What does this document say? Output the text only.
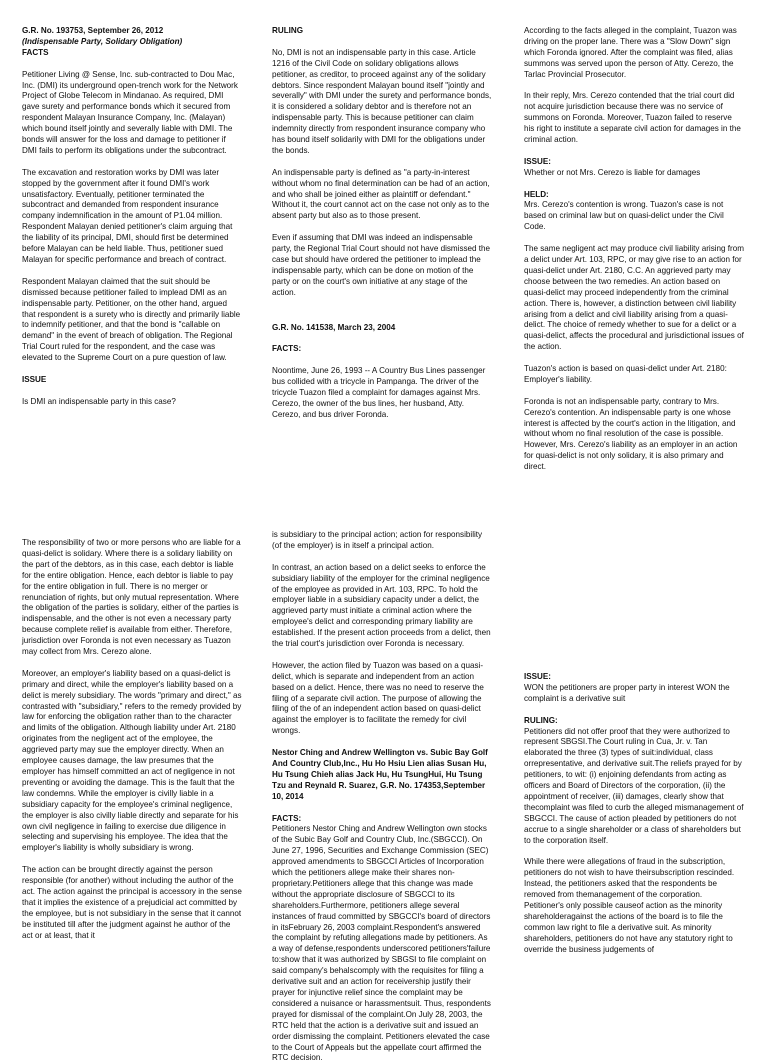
G.R. No. 193753, September 26, 2012

(Indispensable Party, Solidary Obligation)

FACTS

Petitioner Living @ Sense, Inc. sub-contracted to Dou Mac, Inc. (DMI) its underground open-trench work for the Network Project of Globe Telecom in Mindanao. As required, DMI gave surety and performance bonds which it secured from respondent Malayan Insurance Company, Inc. (Malayan) which bound itself jointly and severally liable with DMI. The bonds will answer for the loss and damage to petitioner if DMI fails to perform its obligations under the subcontract.

The excavation and restoration works by DMI was later stopped by the government after it found DMI's work unsatisfactory. Eventually, petitioner terminated the subcontract and demanded from respondent insurance company indemnification in the amount of P1.04 million. Respondent Malayan denied petitioner's claim arguing that the liability of its principal, DMI, should first be determined before Malayan can be held liable. Thus, petitioner sued Malayan for specific performance and breach of contract.

Respondent Malayan claimed that the suit should be dismissed because petitioner failed to implead DMI as an indispensable party. Petitioner, on the other hand, argued that respondent is a surety who is directly and primarily liable to indemnify petitioner, and that the bond is "callable on demand" in the event of breach of obligation. The Regional Trial Court ruled for the respondent, and the case was elevated to the Supreme Court on a pure question of law.

ISSUE

Is DMI an indispensable party in this case?

RULING

No, DMI is not an indispensable party in this case. Article 1216 of the Civil Code on solidary obligations allows petitioner, as creditor, to proceed against any of the solidary debtors. Since respondent Malayan bound itself "jointly and severally" with DMI under the surety and performance bonds, it is considered a solidary debtor and is therefore not an indispensable party. This is because petitioner can claim indemnity directly from respondent insurance company who has bound itself solidarily with DMI for the obligations under the bonds.

An indispensable party is defined as "a party-in-interest without whom no final determination can be had of an action, and who shall be joined either as plaintiff or defendant." Without it, the court cannot act on the case not only as to the absent party but also as to those present.

Even if assuming that DMI was indeed an indispensable party, the Regional Trial Court should not have dismissed the case but should have ordered the petitioner to implead the indispensable party, which can be done on motion of the party or on the court's own initiative at any stage of the action.

G.R. No. 141538, March 23, 2004

FACTS:

Noontime, June 26, 1993 -- A Country Bus Lines passenger bus collided with a tricycle in Pampanga. The driver of the tricycle Tuazon filed a complaint for damages against Mrs. Cerezo, the owner of the bus lines, her husband, Atty. Cerezo, and bus driver Foronda.

According to the facts alleged in the complaint, Tuazon was driving on the proper lane. There was a "Slow Down" sign which Foronda ignored. After the complaint was filed, alias summons was served upon the person of Atty. Cerezo, the Tarlac Provincial Prosecutor.

In their reply, Mrs. Cerezo contended that the trial court did not acquire jurisdiction because there was no service of summons on Foronda. Moreover, Tuazon failed to reserve his right to institute a separate civil action for damages in the criminal action.

ISSUE:

Whether or not Mrs. Cerezo is liable for damages

HELD:

Mrs. Cerezo's contention is wrong. Tuazon's case is not based on criminal law but on quasi-delict under the Civil Code.

The same negligent act may produce civil liability arising from a delict under Art. 103, RPC, or may give rise to an action for quasi-delict under Art. 2180, C.C. An aggrieved party may choose between the two remedies. An action based on quasi-delict may proceed independently from the criminal action. There is, however, a distinction between civil liability arising from a delict and civil liability arising from a quasi-delict. The choice of remedy whether to sue for a delict or a quasi-delict, affects the procedural and jurisdictional issues of the action.

Tuazon's action is based on quasi-delict under Art. 2180: Employer's liability.

Foronda is not an indispensable party, contrary to Mrs. Cerezo's contention. An indispensable party is one whose interest is affected by the court's action in the litigation, and without whom no final resolution of the case is possible. However, Mrs. Cerezo's liability as an employer in an action for quasi-delict is not only solidary, it is also primary and direct.

The responsibility of two or more persons who are liable for a quasi-delict is solidary. Where there is a solidary liability on the part of the debtors, as in this case, each debtor is liable for the entire obligation. Hence, each debtor is liable to pay for the entire obligation in full. There is no merger or renunciation of rights, but only mutual representation. Where the obligation of the parties is solidary, either of the parties is indispensable, and the other is not even a necessary party because complete relief is available from either. Therefore, jurisdiction over Foronda is not even necessary as Tuazon may collect from Mrs. Cerezo alone.

Moreover, an employer's liability based on a quasi-delict is primary and direct, while the employer's liability based on a delict is merely subsidiary. The words "primary and direct," as contrasted with "subsidiary," refers to the remedy provided by law for enforcing the obligation rather than to the character and limits of the obligation. Although liability under Art. 2180 originates from the negligent act of the employee, the aggrieved party may sue the employer directly. When an employee causes damage, the law presumes that the employer has himself committed an act of negligence in not preventing or avoiding the damage. This is the fault that the law condemns. While the employer is civilly liable in a subsidiary capacity for the employee's criminal negligence, the employer is also civilly liable directly and separate for his own civil negligence in failing to exercise due diligence in selecting and supervising his employee. The idea that the employer's liability is wholly subsidiary is wrong.

The action can be brought directly against the person responsible (for another) without including the author of the act. The action against the principal is accessory in the sense that it implies the existence of a prejudicial act committed by the employee, but is not subsidiary in the sense that it cannot be instituted till after the judgment against he author of the act or at least, that it

is subsidiary to the principal action; action for responsibility (of the employer) is in itself a principal action.

In contrast, an action based on a delict seeks to enforce the subsidiary liability of the employer for the criminal negligence of the employee as provided in Art. 103, RPC. To hold the employer liable in a subsidiary capacity under a delict, the aggrieved party must initiate a criminal action where the employee's delict and corresponding primary liability are established. If the present action proceeds from a delict, then the trial court's jurisdiction over Foronda is necessary.

However, the action filed by Tuazon was based on a quasi-delict, which is separate and independent from an action based on a delict. Hence, there was no need to reserve the filing of a separate civil action. The purpose of allowing the filing of the of an independent action based on quasi-delict against the employer is to facilitate the remedy for civil wrongs.

Nestor Ching and Andrew Wellington vs. Subic Bay Golf And Country Club,Inc., Hu Ho Hsiu Lien alias Susan Hu, Hu Tsung Chieh alias Jack Hu, Hu TsungHui, Hu Tsung Tzu and Reynald R. Suarez, G.R. No. 174353,September 10, 2014

FACTS:

Petitioners Nestor Ching and Andrew Wellington own stocks of the Subic Bay Golf and Country Club, Inc.(SBGCCI). On June 27, 1996, Securities and Exchange Commission (SEC) approved amendments to SBGCCI Articles of Incorporation which the petitioners allege make their shares non-proprietary.Petitioners allege that this change was made without the appropriate disclosure of SBGCCI to its shareholders.Furthermore, petitioners allege several instances of fraud committed by SBGCCI's board of directors in itsFebruary 26, 2003 complaint.Respondent's answered the complaint by refuting allegations made by petitioners. As a way of defense,respondents underscored petitioners'failure to:show that it was authorized by SBGSI to file complaint on said company's behalscomply with the requisites for filing a derivative suit and an action for receivership justify their prayer for injunctive relief since the complaint may be considered a nuisance or harassmentsuit. Thus, respondents prayed for dismissal of the complaint.On July 28, 2003, the RTC held that the action is a derivative suit and issued an order dismissing the complaint. Petitioners elevated the case to the Court of Appeals but the appellate court affirmed the RTC decision.

ISSUE:

WON the petitioners are proper party in interest WON the complaint is a derivative suit

RULING:

Petitioners did not offer proof that they were authorized to represent SBGSI.The Court ruling in Cua, Jr. v. Tan elaborated the three (3) types of suit:individual, class orrepresentative, and derivative suit.The reliefs prayed for by petitioners, to wit: (i) enjoining defendants from acting as officers and Board of Directors of the corporation, (ii) the appointment of receiver, (iii) damages, clearly show that thecomplaint was filed to curb the alleged mismanagement of SBGCCI. The cause of action pleaded by petitioners do not accrue to a single shareholder or a class of shareholders but to the corporation itself.

While there were allegations of fraud in the subscription, petitioners do not wish to have theirsubscription rescinded. Instead, the petitioners asked that the respondents be removed from themanagement of the corporation. Petitioner's only possible causeof action as the minority shareholderagainst the actions of the board is to file the common law right to file a derivative suit. As minority shareholders, petitioners do not have any statutory right to override the business judgements of
